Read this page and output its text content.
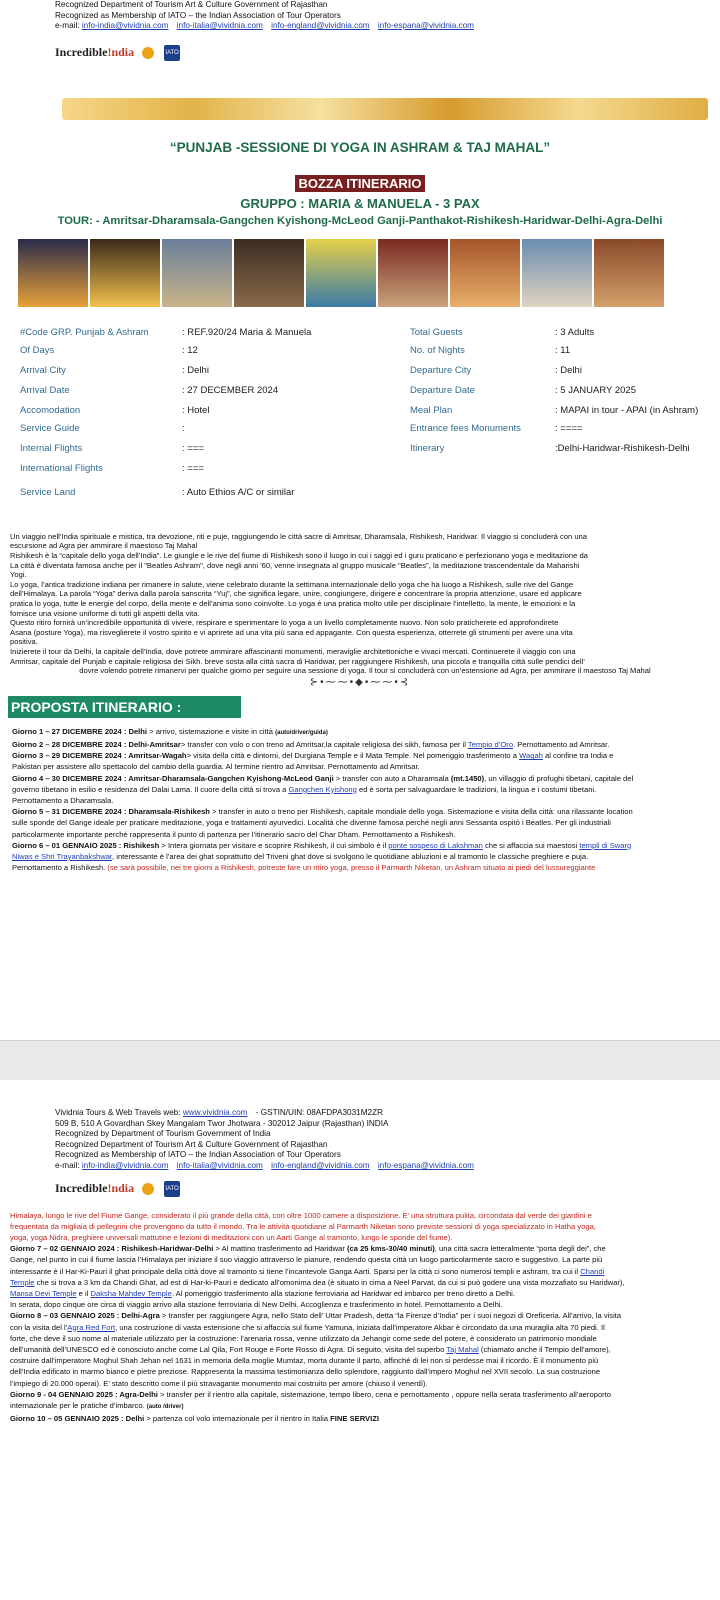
Recognized Department of Tourism Art & Culture Government of Rajasthan
Recognized as Membership of IATO – the Indian Association of Tour Operators
e-mail: info-india@vividnia.com info-italia@vividnia.com info-england@vividnia.com info-espana@vividnia.com
Incredible!ndia	IATO
“PUNJAB -SESSIONE DI YOGA IN ASHRAM & TAJ MAHAL”
BOZZA ITINERARIO
GRUPPO : MARIA & MANUELA - 3 PAX
TOUR: - Amritsar-Dharamsala-Gangchen Kyishong-McLeod Ganji-Panthakot-Rishikesh-Haridwar-Delhi-Agra-Delhi
#Code GRP. Punjab & Ashram	: REF.920/24 Maria & Manuela	Total Guests	: 3 Adults
Of Days	: 12	No. of Nights	: 11
Arrival City	: Delhi	Departure City	: Delhi
Arrival Date	: 27 DECEMBER 2024	Departure Date	: 5 JANUARY 2025
Accomodation	: Hotel	Meal Plan	: MAPAI in tour - APAI (in Ashram)
Service Guide	:	Entrance fees Monuments	: ====
Internal Flights	: ===	Itinerary	:Delhi-Haridwar-Rishikesh-Delhi
International Flights	: ===
Service Land	: Auto Ethios A/C or similar

Un viaggio nell’India spirituale e mistica, tra devozione, riti e puje, raggiungendo le città sacre di Amritsar, Dharamsala, Rishikesh, Haridwar. Il viaggio si concluderà con una

escursione ad Agra per ammirare il maestoso Taj Mahal

Rishikesh è la “capitale dello yoga dell’India”. Le giungle e le rive del fiume di Rishikesh sono il luogo in cui i saggi ed i guru praticano e perfezionano yoga e meditazione da

La città è diventata famosa anche per il "Beatles Ashram", dove negli anni '60, venne insegnata al gruppo musicale "Beatles", la meditazione trascendentale da Maharishi

Yogi.

Lo yoga, l’antica tradizione indiana per rimanere in salute, viene celebrato durante la settimana internazionale dello yoga che ha luogo a Rishikesh, sulle rive del Gange

dell’Himalaya. La parola “Yoga” deriva dalla parola sanscrita “Yuj”, che significa legare, unire, congiungere, dirigere e concentrare la propria attenzione, usare ed applicare

pratica lo yoga, tutte le energie del corpo, della mente e dell’anima sono coinvolte. Lo yoga è una pratica molto utile per disciplinare l’intelletto, la mente, le emozioni e la

fornisce una visione uniforme di tutti gli aspetti della vita.

Questo ritiro fornirà un’incredibile opportunità di vivere, respirare e sperimentare lo yoga a un livello completamente nuovo. Non solo praticherete ed approfondirete

Asana (posture Yoga), ma risveglierete il vostro spirito e vi aprirete ad una vita più sana ed appagante. Con questa esperienza, otterrete gli strumenti per avere una vita

positiva.

Inizierete il tour da Delhi, la capitale dell'India, dove potrete ammirare affascinanti monumenti, meraviglie architettoniche e vivaci mercati. Continuerete il viaggio con una

Amritsar, capitale del Punjab e capitale religiosa dei Sikh. breve sosta alla città sacra di Haridwar, per raggiungere Rishikesh, una piccola e tranquilla città sulle pendici dell’

dovre volendo potrete rimanervi per qualche giorno per seguire una sessione di yoga. Il tour si concluderà con un’estensione ad Agra, per ammirare il maestoso Taj Mahal

⊱•⁓⁓•◆•⁓⁓•⊰
PROPOSTA ITINERARIO :

Giorno 1 – 27 DICEMBRE 2024 : Delhi > arrivo, sistemazione e visite in città (auto/driver/guida)

Giorno 2 – 28 DICEMBRE 2024 : Delhi-Amritsar> transfer con volo o con treno ad Amritsar,la capitale religiosa dei sikh, famosa per il Tempio d’Oro. Pernottamento ad Amritsar.

Giorno 3 – 29 DICEMBRE 2024 : Amritsar-Wagah> visita della città e dintorni, del Durgiana Temple e il Mata Temple. Nel pomeriggio trasferimento a Wagah al confine tra India e

Pakistan per assistere allo spettacolo del cambio della guardia. Al termine rientro ad Amritsar. Pernottamento ad Amritsar.

Giorno 4 – 30 DICEMBRE 2024 : Amritsar-Dharamsala-Gangchen Kyishong-McLeod Ganji > transfer con auto a Dharamsala (mt.1450), un villaggio di profughi tibetani, capitale del

governo tibetano in esilio e residenza del Dalai Lama. Il cuore della città si trova a Gangchen Kyishong ed è sorta per salvaguardare le tradizioni, la lingua e i costumi tibetani.

Pernottamento a Dharamsala.

Giorno 5 – 31 DICEMBRE 2024 : Dharamsala-Rishikesh > transfer in auto o treno per Rishikesh, capitale mondiale dello yoga. Sistemazione e visita della città: una rilassante location

sulle sponde del Gange ideale per praticare meditazione, yoga e trattamenti ayurvedici. Località che divenne famosa perché negli anni Sessanta ospitò i Beatles. Per gli industriali

particolarmente importante perché rappresenta il punto di partenza per l’itinerario sacro del Char Dham. Pernottamento a Rishikesh.

Giorno 6 – 01 GENNAIO 2025 : Rishikesh > Intera giornata per visitare e scoprire Rishikesh, il cui simbolo è il ponte sospeso di Lakshman che si affaccia sui maestosi templi di Swarg

Niwas e Shri Trayanbakshwar, interessante è l’area dei ghat soprattutto del Triveni ghat dove si svolgono le quotidiane abluzioni e al tramonto le classiche preghiere e puja.

Pernottamento a Rishikesh. (se sarà possibile, nei tre giorni a Rishikesh, potreste fare un ritiro yoga, presso il Parmarth Niketan, un Ashram situato ai piedi del lussureggiante

Vividnia Tours & Web Travels web: www.vividnia.com - GSTIN/UIN: 08AFDPA3031M2ZR
509 B, 510 A Govardhan Skey Mangalam Twor Jhotwara - 302012 Jaipur (Rajasthan) INDIA
Recognized by Department of Tourism Government of India
Recognized Department of Tourism Art & Culture Government of Rajasthan
Recognized as Membership of IATO – the Indian Association of Tour Operators
e-mail: info-india@vividnia.com info-italia@vividnia.com info-england@vividnia.com info-espana@vividnia.com
Incredible!ndia	IATO

Himalaya, lungo le rive del Fiume Gange, considerato il più grande della città, con oltre 1000 camere a disposizione. E’ una struttura pulita, circondata dal verde dei giardini e

frequentata da migliaia di pellegrini che provengono da tutto il mondo. Tra le attività quotidiane al Parmarth Niketan sono previste sessioni di yoga specializzato in Hatha yoga,

yoga, yoga Nidra, preghiere universali mattutine e lezioni di meditazioni con un Aarti Gange al tramonto, lungo le sponde del fiume).

Giorno 7 – 02 GENNAIO 2024 : Rishikesh-Haridwar-Delhi > Al mattino trasferimento ad Haridwar (ca 25 kms-30/40 minuti), una città sacra letteralmente “porta degli dei”, che

Gange, nel punto in cui il fiume lascia l’Himalaya per iniziare il suo viaggio attraverso le pianure, rendendo questa città un luogo particolarmente sacro e suggestivo. La parte più

interessante è il Har-Ki-Pauri il ghat principale della città dove al tramonto si tiene l’incantevole Ganga Aarti. Sparsi per la città ci sono numerosi templi e ashram, tra cui il Chandi

Temple che si trova a 3 km da Chandi Ghat, ad est di Har-ki-Pauri e dedicato all’omonima dea (è situato in cima a Neel Parvat, da cui si può godere una vista mozzafiato su Haridwar),

Mansa Devi Temple e il Daksha Mahdev Temple. Al pomeriggio trasferimento alla stazione ferroviaria ad Haridwar ed imbarco per treno diretto a Delhi.

In serata, dopo cinque ore circa di viaggio arrivo alla stazione ferroviaria di New Delhi. Accoglienza e trasferimento in hotel. Pernottamento a Delhi.

Giorno 8 – 03 GENNAIO 2025 : Delhi-Agra > transfer per raggiungere Agra, nello Stato dell' Uttar Pradesh, detta “la Firenze d’India” per i suoi negozi di Oreficeria. All’arrivo, la visita

con la visita del l’Agra Red Fort, una costruzione di vasta estensione che si affaccia sul fiume Yamuna, iniziata dall’imperatore Akbar è circondato da una muraglia alta 70 piedi. Il

forte, che deve il suo nome al materiale utilizzato per la costruzione: l’arenaria rossa, venne utilizzato da Jehangir come sede del potere, è considerato un patrimonio mondiale

dell’umanità dell’UNESCO ed è conosciuto anche come Lal Qila, Fort Rouge e Forte Rosso di Agra. Di seguito, visita del superbo Taj Mahal (chiamato anche il Tempio dell’amore),

costruire dall’imperatore Moghul Shah Jehan nel 1631 in memoria della moglie Mumtaz, morta durante il parto, affinché di lei non si perdesse mai il ricordo. È il monumento più

dell’India edificato in marmo bianco e pietre preziose. Rappresenta la massima testimonianza dello splendore, raggiunto dall’impero Moghul nel XVII secolo. La sua costruzione

l’impiego di 20.000 operai). E’ stato descritto come il più stravagante monumento mai costruito per amore (chiuso il venerdì).

Giorno 9 - 04 GENNAIO 2025 : Agra-Delhi > transfer per il rientro alla capitale, sistemazione, tempo libero, cena e pernottamento , oppure nella serata trasferimento all’aeroporto

internazionale per le pratiche d’imbarco. (auto /driver)

Giorno 10 – 05 GENNAIO 2025 : Delhi > partenza col volo internazionale per il rientro in Italia FINE SERVIZI
